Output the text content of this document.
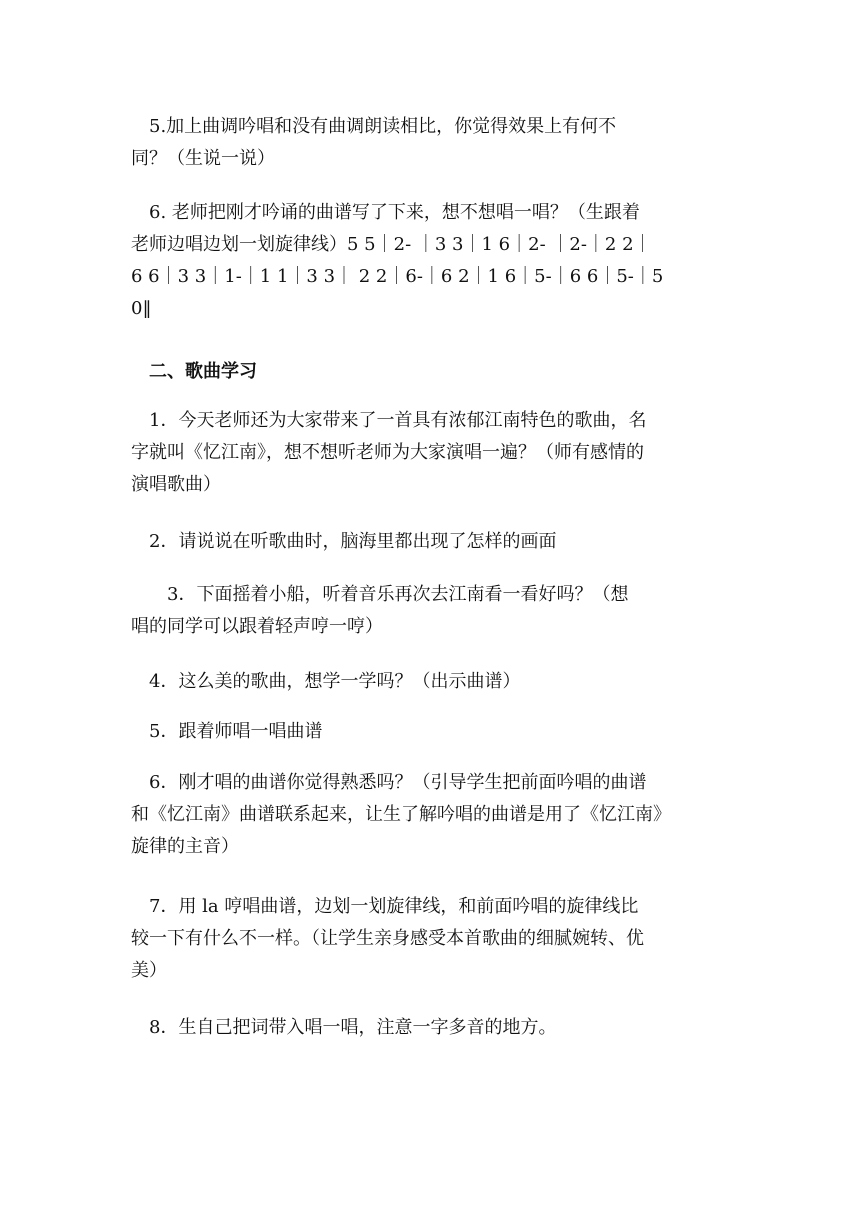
　5.加上曲调吟唱和没有曲调朗读相比，你觉得效果上有何不
同？（生说一说）
　6. 老师把刚才吟诵的曲谱写了下来，想不想唱一唱？（生跟着
老师边唱边划一划旋律线）5 5｜2- ｜3 3｜1 6｜2- ｜2-｜2 2｜
6 6｜3 3｜1-｜1 1｜3 3｜ 2 2｜6-｜6 2｜1 6｜5-｜6 6｜5-｜5
0‖
　二、歌曲学习
　1．今天老师还为大家带来了一首具有浓郁江南特色的歌曲，名
字就叫《忆江南》，想不想听老师为大家演唱一遍？（师有感情的
演唱歌曲）
　2．请说说在听歌曲时，脑海里都出现了怎样的画面
　　3．下面摇着小船，听着音乐再次去江南看一看好吗？（想
唱的同学可以跟着轻声哼一哼）
　4．这么美的歌曲，想学一学吗？（出示曲谱）
　5．跟着师唱一唱曲谱
　6．刚才唱的曲谱你觉得熟悉吗？（引导学生把前面吟唱的曲谱
和《忆江南》曲谱联系起来，让生了解吟唱的曲谱是用了《忆江南》
旋律的主音）
　7．用 la 哼唱曲谱，边划一划旋律线，和前面吟唱的旋律线比
较一下有什么不一样。（让学生亲身感受本首歌曲的细腻婉转、优
美）
　8．生自己把词带入唱一唱，注意一字多音的地方。
